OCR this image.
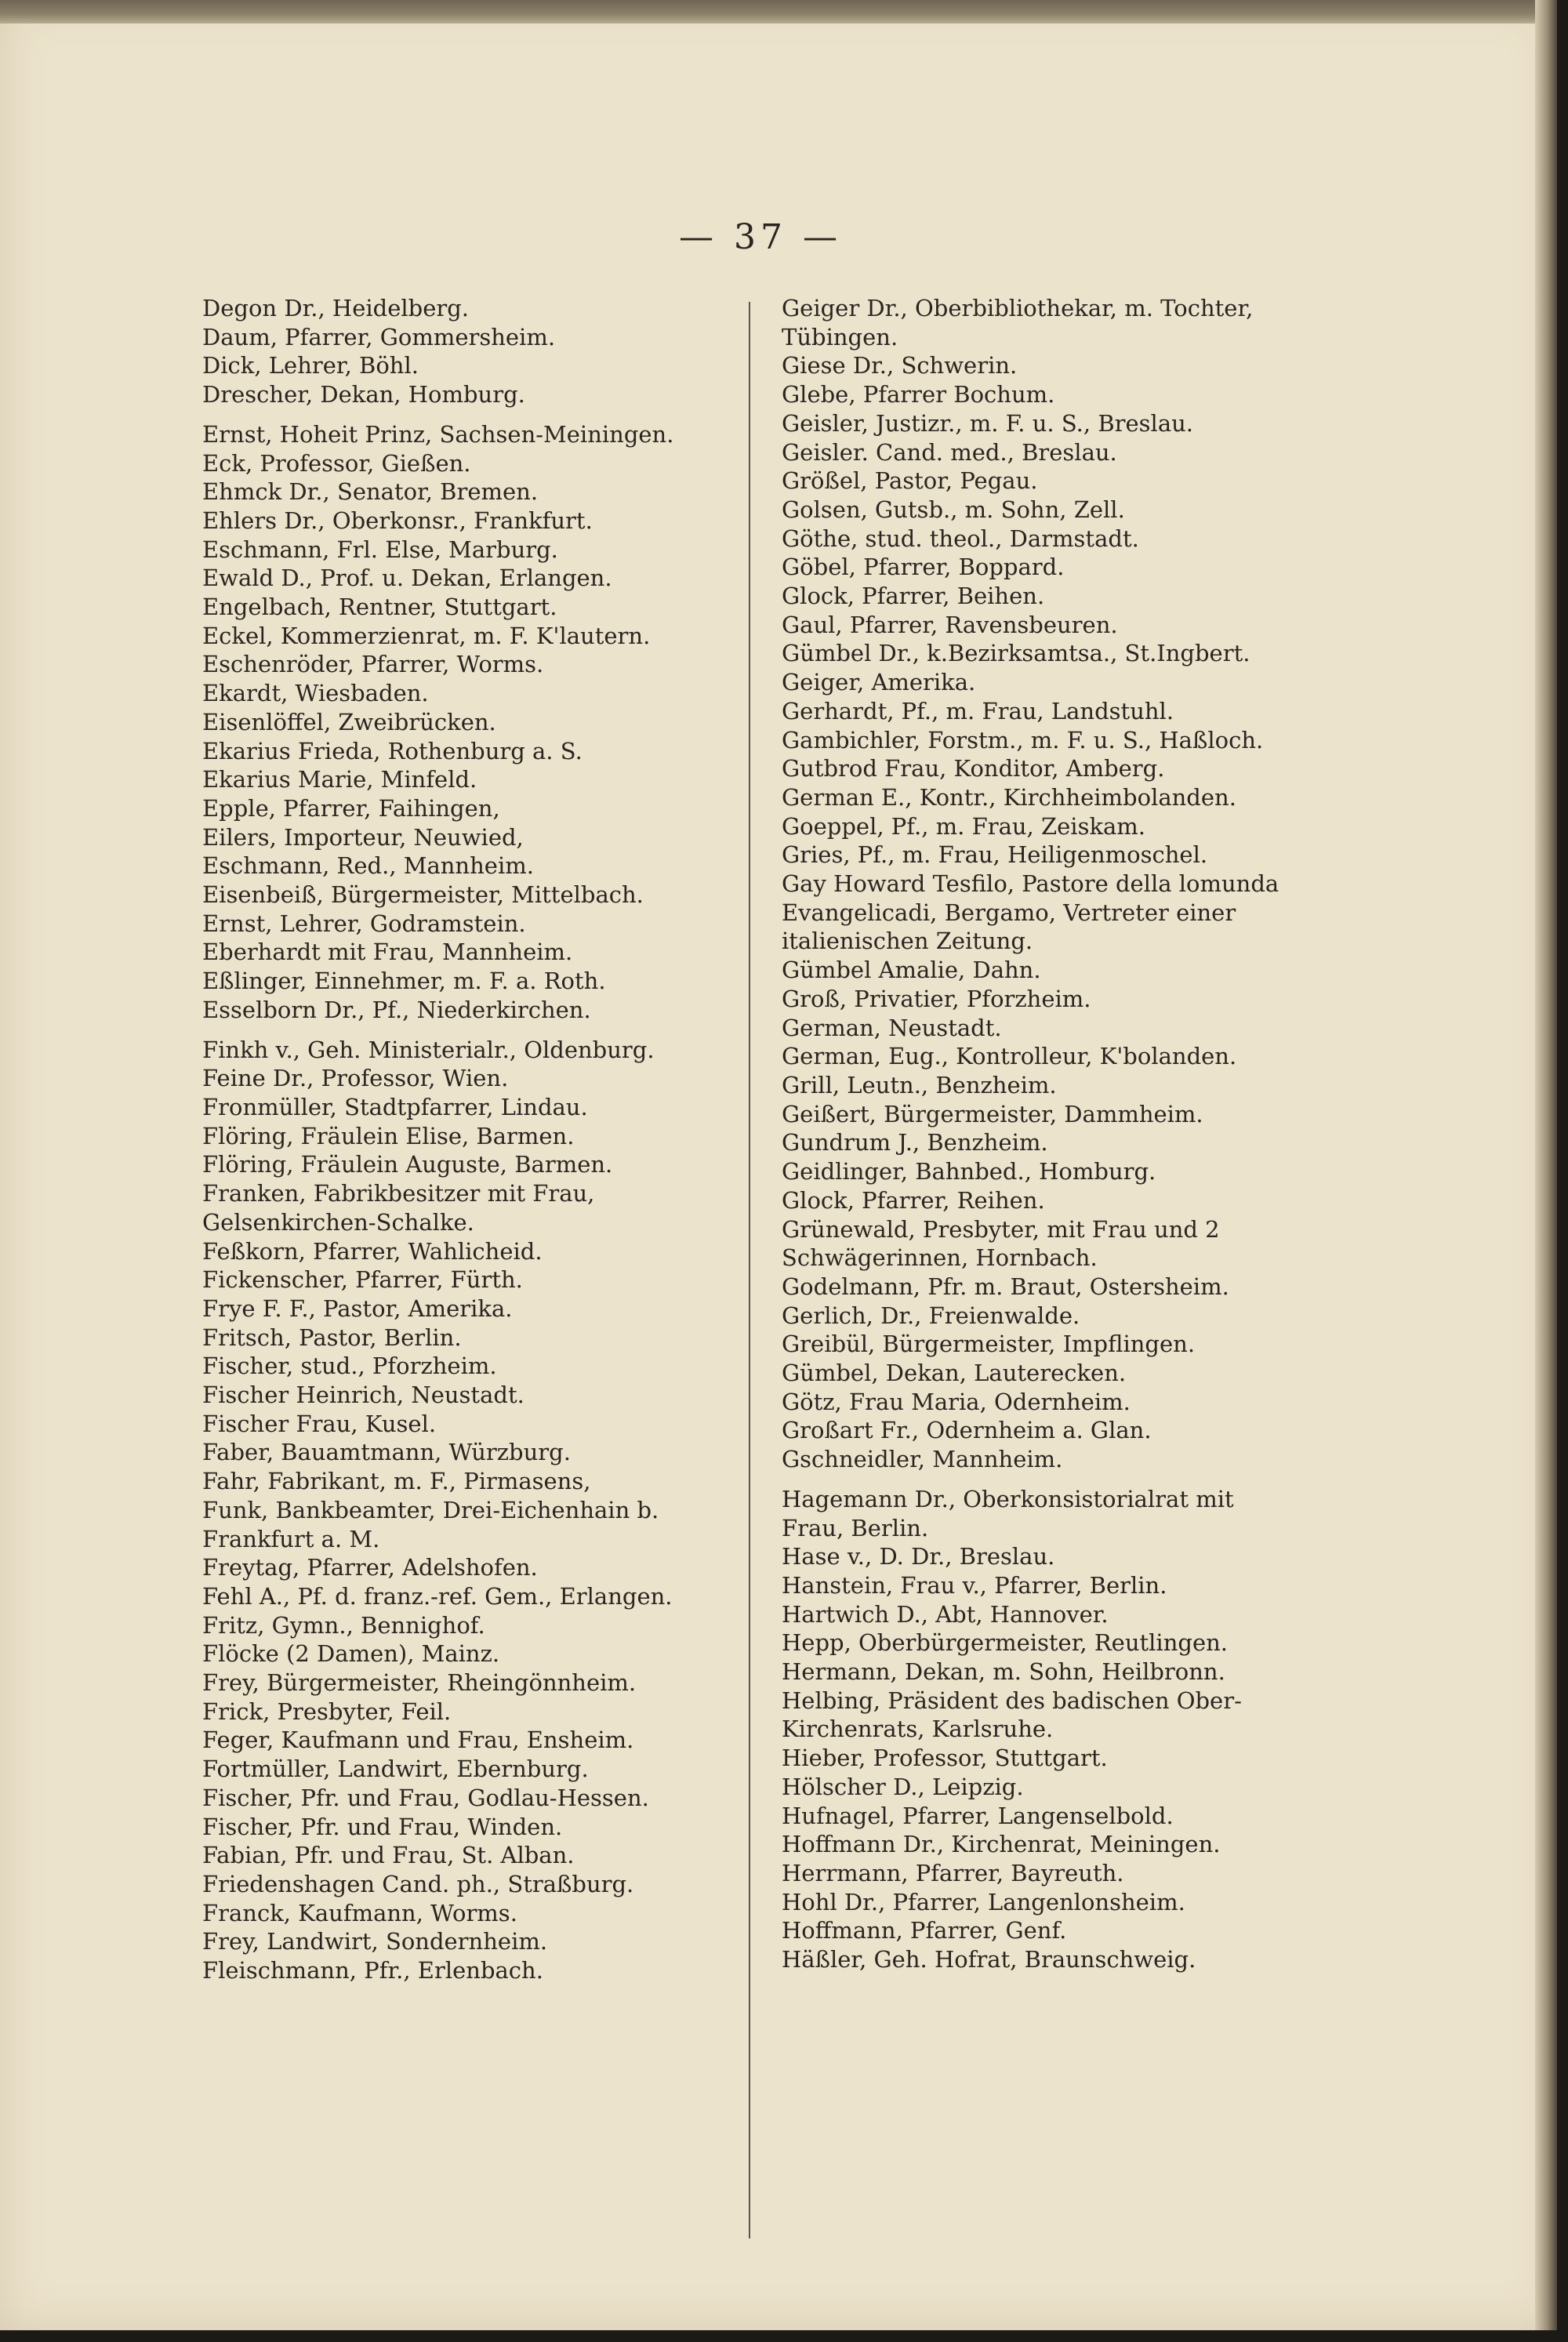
— 37 —
Degon Dr., Heidelberg.
Daum, Pfarrer, Gommersheim.
Dick, Lehrer, Böhl.
Drescher, Dekan, Homburg.
Ernst, Hoheit Prinz, Sachsen-Meiningen.
Eck, Professor, Gießen.
Ehmck Dr., Senator, Bremen.
Ehlers Dr., Oberkonsr., Frankfurt.
Eschmann, Frl. Else, Marburg.
Ewald D., Prof. u. Dekan, Erlangen.
Engelbach, Rentner, Stuttgart.
Eckel, Kommerzienrat, m. F. K'lautern.
Eschenröder, Pfarrer, Worms.
Ekardt, Wiesbaden.
Eisenlöffel, Zweibrücken.
Ekarius Frieda, Rothenburg a. S.
Ekarius Marie, Minfeld.
Epple, Pfarrer, Faihingen,
Eilers, Importeur, Neuwied,
Eschmann, Red., Mannheim.
Eisenbeiß, Bürgermeister, Mittelbach.
Ernst, Lehrer, Godramstein.
Eberhardt mit Frau, Mannheim.
Eßlinger, Einnehmer, m. F. a. Roth.
Esselborn Dr., Pf., Niederkirchen.
Finkh v., Geh. Ministerialr., Oldenburg.
Feine Dr., Professor, Wien.
Fronmüller, Stadtpfarrer, Lindau.
Flöring, Fräulein Elise, Barmen.
Flöring, Fräulein Auguste, Barmen.
Franken, Fabrikbesitzer mit Frau, Gelsenkirchen-Schalke.
Feßkorn, Pfarrer, Wahlicheid.
Fickenscher, Pfarrer, Fürth.
Frye F. F., Pastor, Amerika.
Fritsch, Pastor, Berlin.
Fischer, stud., Pforzheim.
Fischer Heinrich, Neustadt.
Fischer Frau, Kusel.
Faber, Bauamtmann, Würzburg.
Fahr, Fabrikant, m. F., Pirmasens,
Funk, Bankbeamter, Drei-Eichenhain b. Frankfurt a. M.
Freytag, Pfarrer, Adelshofen.
Fehl A., Pf. d. franz.-ref. Gem., Erlangen.
Fritz, Gymn., Bennighof.
Flöcke (2 Damen), Mainz.
Frey, Bürgermeister, Rheingönnheim.
Frick, Presbyter, Feil.
Feger, Kaufmann und Frau, Ensheim.
Fortmüller, Landwirt, Ebernburg.
Fischer, Pfr. und Frau, Godlau-Hessen.
Fischer, Pfr. und Frau, Winden.
Fabian, Pfr. und Frau, St. Alban.
Friedenshagen Cand. ph., Straßburg.
Franck, Kaufmann, Worms.
Frey, Landwirt, Sondernheim.
Fleischmann, Pfr., Erlenbach.
Geiger Dr., Oberbibliothekar, m. Tochter, Tübingen.
Giese Dr., Schwerin.
Glebe, Pfarrer Bochum.
Geisler, Justizr., m. F. u. S., Breslau.
Geisler. Cand. med., Breslau.
Größel, Pastor, Pegau.
Golsen, Gutsb., m. Sohn, Zell.
Göthe, stud. theol., Darmstadt.
Göbel, Pfarrer, Boppard.
Glock, Pfarrer, Beihen.
Gaul, Pfarrer, Ravensbeuren.
Gümbel Dr., k.Bezirksamtsa., St.Ingbert.
Geiger, Amerika.
Gerhardt, Pf., m. Frau, Landstuhl.
Gambichler, Forstm., m. F. u. S., Haßloch.
Gutbrod Frau, Konditor, Amberg.
German E., Kontr., Kirchheimbolanden.
Goeppel, Pf., m. Frau, Zeiskam.
Gries, Pf., m. Frau, Heiligenmoschel.
Gay Howard Tesfilo, Pastore della lomunda Evangelicadi, Bergamo, Vertreter einer italienischen Zeitung.
Gümbel Amalie, Dahn.
Groß, Privatier, Pforzheim.
German, Neustadt.
German, Eug., Kontrolleur, K'bolanden.
Grill, Leutn., Benzheim.
Geißert, Bürgermeister, Dammheim.
Gundrum J., Benzheim.
Geidlinger, Bahnbed., Homburg.
Glock, Pfarrer, Reihen.
Grünewald, Presbyter, mit Frau und 2 Schwägerinnen, Hornbach.
Godelmann, Pfr. m. Braut, Ostersheim.
Gerlich, Dr., Freienwalde.
Greibül, Bürgermeister, Impflingen.
Gümbel, Dekan, Lauterecken.
Götz, Frau Maria, Odernheim.
Großart Fr., Odernheim a. Glan.
Gschneidler, Mannheim.
Hagemann Dr., Oberkonsistorialrat mit Frau, Berlin.
Hase v., D. Dr., Breslau.
Hanstein, Frau v., Pfarrer, Berlin.
Hartwich D., Abt, Hannover.
Hepp, Oberbürgermeister, Reutlingen.
Hermann, Dekan, m. Sohn, Heilbronn.
Helbing, Präsident des badischen Ober-Kirchenrats, Karlsruhe.
Hieber, Professor, Stuttgart.
Hölscher D., Leipzig.
Hufnagel, Pfarrer, Langenselbold.
Hoffmann Dr., Kirchenrat, Meiningen.
Herrmann, Pfarrer, Bayreuth.
Hohl Dr., Pfarrer, Langenlonsheim.
Hoffmann, Pfarrer, Genf.
Häßler, Geh. Hofrat, Braunschweig.
